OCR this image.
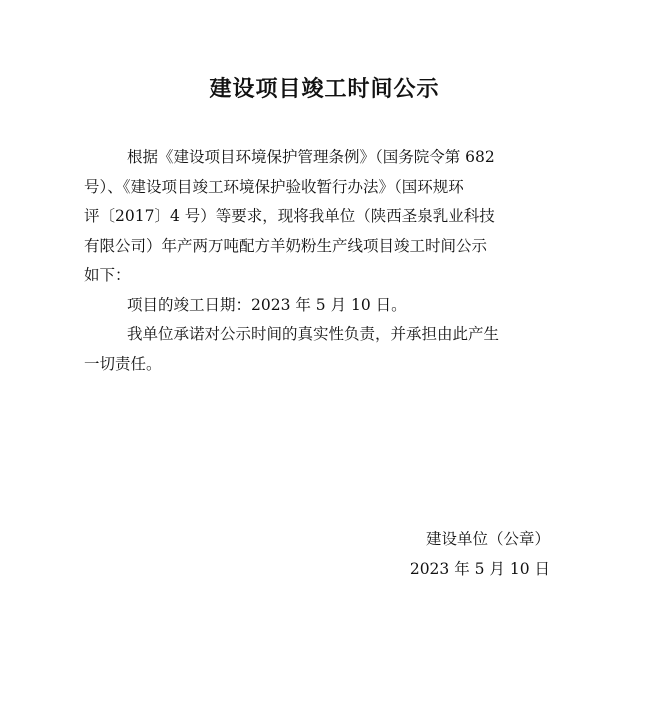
建设项目竣工时间公示
根据《建设项目环境保护管理条例》（国务院令第 682
号）、《建设项目竣工环境保护验收暂行办法》（国环规环
评〔2017〕4 号）等要求，现将我单位（陕西圣泉乳业科技
有限公司）年产两万吨配方羊奶粉生产线项目竣工时间公示
如下：
项目的竣工日期：2023 年 5 月 10 日。
我单位承诺对公示时间的真实性负责，并承担由此产生
一切责任。
建设单位（公章）
2023 年 5 月 10 日
